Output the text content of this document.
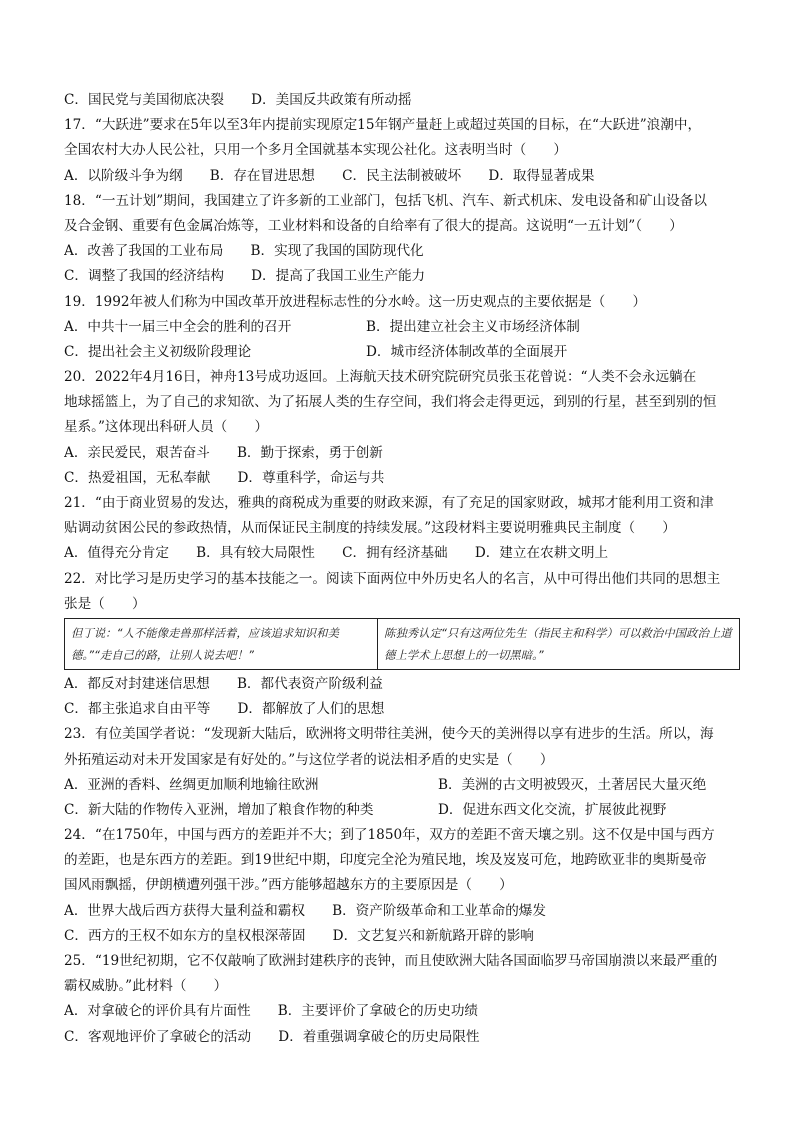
C．国民党与美国彻底决裂　　D．美国反共政策有所动摇
17．“大跃进”要求在5年以至3年内提前实现原定15年钢产量赶上或超过英国的目标，在“大跃进”浪潮中，
全国农村大办人民公社，只用一个多月全国就基本实现公社化。这表明当时（　　）
A．以阶级斗争为纲　　B．存在冒进思想　　C．民主法制被破坏　　D．取得显著成果
18．“一五计划”期间，我国建立了许多新的工业部门，包括飞机、汽车、新式机床、发电设备和矿山设备以
及合金钢、重要有色金属冶炼等，工业材料和设备的自给率有了很大的提高。这说明“一五计划”（　　）
A．改善了我国的工业布局　　B．实现了我国的国防现代化
C．调整了我国的经济结构　　D．提高了我国工业生产能力
19．1992年被人们称为中国改革开放进程标志性的分水岭。这一历史观点的主要依据是（　　）
A．中共十一届三中全会的胜利的召开	B．提出建立社会主义市场经济体制
C．提出社会主义初级阶段理论	D．城市经济体制改革的全面展开
20．2022年4月16日，神舟13号成功返回。上海航天技术研究院研究员张玉花曾说：“人类不会永远躺在
地球摇篮上，为了自己的求知欲、为了拓展人类的生存空间，我们将会走得更远，到别的行星，甚至到别的恒
星系。”这体现出科研人员（　　）
A．亲民爱民，艰苦奋斗　　B．勤于探索，勇于创新
C．热爱祖国，无私奉献　　D．尊重科学，命运与共
21．“由于商业贸易的发达，雅典的商税成为重要的财政来源，有了充足的国家财政，城邦才能利用工资和津
贴调动贫困公民的参政热情，从而保证民主制度的持续发展。”这段材料主要说明雅典民主制度（　　）
A．值得充分肯定　　B．具有较大局限性　　C．拥有经济基础　　D．建立在农耕文明上
22．对比学习是历史学习的基本技能之一。阅读下面两位中外历史名人的名言，从中可得出他们共同的思想主
张是（　　）
但丁说：“人不能像走兽那样活着，应该追求知识和美德。”“走自己的路，让别人说去吧！”	陈独秀认定“只有这两位先生（指民主和科学）可以救治中国政治上道德上学术上思想上的一切黑暗。”
A．都反对封建迷信思想　　B．都代表资产阶级利益
C．都主张追求自由平等　　D．都解放了人们的思想
23．有位美国学者说：“发现新大陆后，欧洲将文明带往美洲，使今天的美洲得以享有进步的生活。所以，海
外拓殖运动对未开发国家是有好处的。”与这位学者的说法相矛盾的史实是（　　）
A．亚洲的香料、丝绸更加顺利地输往欧洲	B．美洲的古文明被毁灭，土著居民大量灭绝
C．新大陆的作物传入亚洲，增加了粮食作物的种类	D．促进东西文化交流，扩展彼此视野
24．“在1750年，中国与西方的差距并不大；到了1850年，双方的差距不啻天壤之别。这不仅是中国与西方
的差距，也是东西方的差距。到19世纪中期，印度完全沦为殖民地，埃及岌岌可危，地跨欧亚非的奥斯曼帝
国风雨飘摇，伊朗横遭列强干涉。”西方能够超越东方的主要原因是（　　）
A．世界大战后西方获得大量利益和霸权　　B．资产阶级革命和工业革命的爆发
C．西方的王权不如东方的皇权根深蒂固　　D．文艺复兴和新航路开辟的影响
25．“19世纪初期，它不仅敲响了欧洲封建秩序的丧钟，而且使欧洲大陆各国面临罗马帝国崩溃以来最严重的
霸权威胁。”此材料（　　）
A．对拿破仑的评价具有片面性　　B．主要评价了拿破仑的历史功绩
C．客观地评价了拿破仑的活动　　D．着重强调拿破仑的历史局限性
